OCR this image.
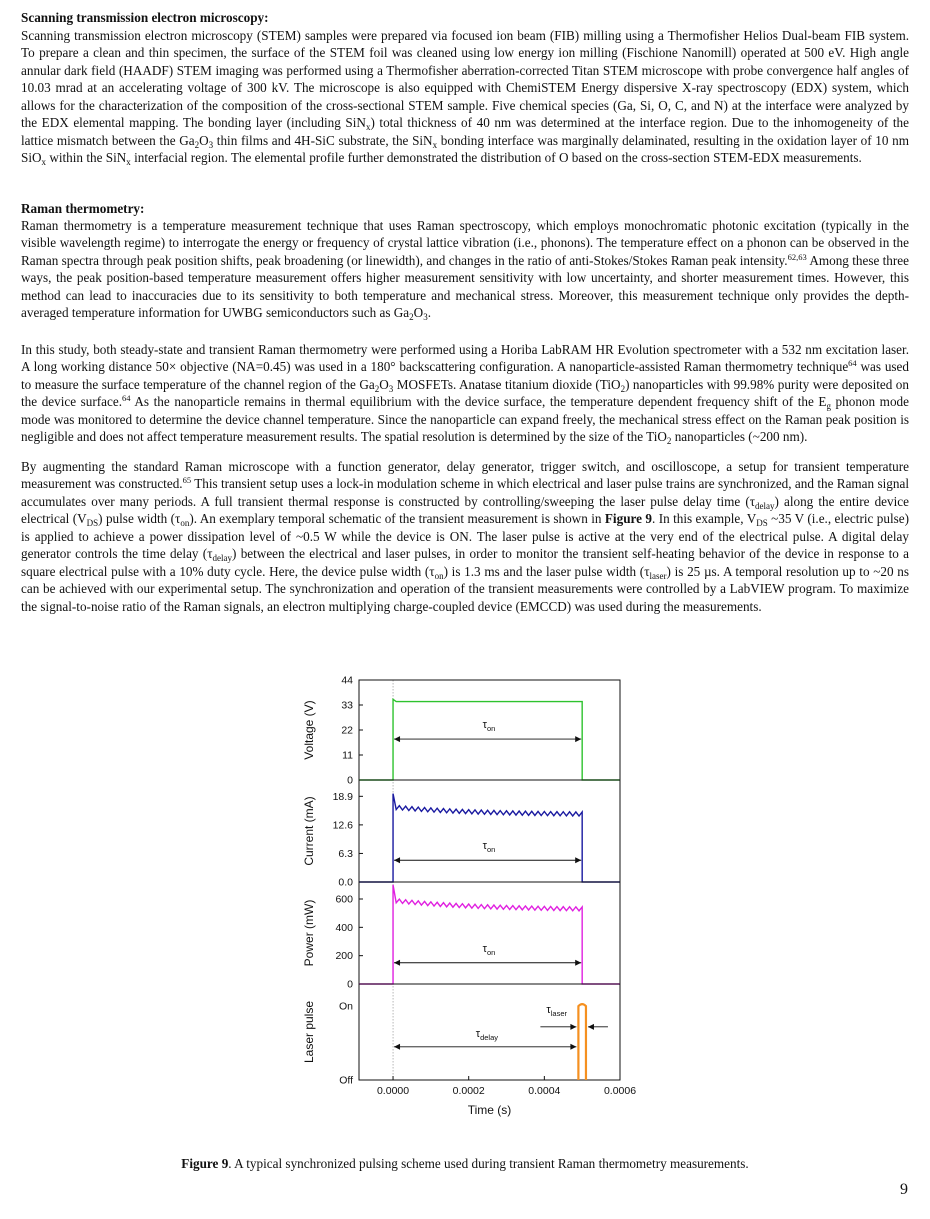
Scanning transmission electron microscopy:

Scanning transmission electron microscopy (STEM) samples were prepared via focused ion beam (FIB) milling using a Thermofisher Helios Dual-beam FIB system. To prepare a clean and thin specimen, the surface of the STEM foil was cleaned using low energy ion milling (Fischione Nanomill) operated at 500 eV. High angle annular dark field (HAADF) STEM imaging was performed using a Thermofisher aberration-corrected Titan STEM microscope with probe convergence half angles of 10.03 mrad at an accelerating voltage of 300 kV. The microscope is also equipped with ChemiSTEM Energy dispersive X-ray spectroscopy (EDX) system, which allows for the characterization of the composition of the cross-sectional STEM sample. Five chemical species (Ga, Si, O, C, and N) at the interface were analyzed by the EDX elemental mapping. The bonding layer (including SiN$_x$) total thickness of 40 nm was determined at the interface region. Due to the inhomogeneity of the lattice mismatch between the $Ga_2O_3$ thin films and 4H-SiC substrate, the SiN$_x$ bonding interface was marginally delaminated, resulting in the oxidation layer of 10 nm SiO$_x$ within the SiN$_x$ interfacial region. The elemental profile further demonstrated the distribution of O based on the cross-section STEM-EDX measurements.

Raman thermometry:

Raman thermometry is a temperature measurement technique that uses Raman spectroscopy, which employs monochromatic photonic excitation (typically in the visible wavelength regime) to interrogate the energy or frequency of crystal lattice vibration (i.e., phonons). The temperature effect on a phonon can be observed in the Raman spectra through peak position shifts, peak broadening (or linewidth), and changes in the ratio of anti-Stokes/Stokes Raman peak intensity.$^{62,63}$ Among these three ways, the peak position-based temperature measurement offers higher measurement sensitivity with low uncertainty, and shorter measurement times. However, this method can lead to inaccuracies due to its sensitivity to both temperature and mechanical stress. Moreover, this measurement technique only provides the depth-averaged temperature information for UWBG semiconductors such as $Ga_2O_3$.

In this study, both steady-state and transient Raman thermometry were performed using a Horiba LabRAM HR Evolution spectrometer with a 532 nm excitation laser. A long working distance 50× objective (NA=0.45) was used in a 180° backscattering configuration. A nanoparticle-assisted Raman thermometry technique$^{64}$ was used to measure the surface temperature of the channel region of the $Ga_2O_3$ MOSFETs. Anatase titanium dioxide (TiO$_2$) nanoparticles with 99.98% purity were deposited on the device surface.$^{64}$ As the nanoparticle remains in thermal equilibrium with the device surface, the temperature dependent frequency shift of the $E_g$ phonon mode mode was monitored to determine the device channel temperature. Since the nanoparticle can expand freely, the mechanical stress effect on the Raman peak position is negligible and does not affect temperature measurement results. The spatial resolution is determined by the size of the TiO$_2$ nanoparticles (~200 nm).

By augmenting the standard Raman microscope with a function generator, delay generator, trigger switch, and oscilloscope, a setup for transient temperature measurement was constructed.$^{65}$ This transient setup uses a lock-in modulation scheme in which electrical and laser pulse trains are synchronized, and the Raman signal accumulates over many periods. A full transient thermal response is constructed by controlling/sweeping the laser pulse delay time $(\tau_{delay})$ along the entire device electrical $(V_{DS})$ pulse width $(\tau_{on})$. An exemplary temporal schematic of the transient measurement is shown in Figure 9. In this example, $V_{DS}$ ~35 V (i.e., electric pulse) is applied to achieve a power dissipation level of ~0.5 W while the device is ON. The laser pulse is active at the very end of the electrical pulse. A digital delay generator controls the time delay $(\tau_{delay})$ between the electrical and laser pulses, in order to monitor the transient self-heating behavior of the device in response to a square electrical pulse with a 10% duty cycle. Here, the device pulse width $(\tau_{on})$ is 1.3 ms and the laser pulse width $(\tau_{laser})$ is 25 µs. A temporal resolution up to ~20 ns can be achieved with our experimental setup. The synchronization and operation of the transient measurements were controlled by a LabVIEW program. To maximize the signal-to-noise ratio of the Raman signals, an electron multiplying charge-coupled device (EMCCD) was used during the measurements.

44
33
22
11
0
Voltage (V)	$\tau_{on}$
18.9
12.6
6.3
0.0
Current (mA)	$\tau_{on}$
600
400
200
0
Power (mW)	$\tau_{on}$
On
Off
Laser pulse	$\tau_{delay}$
$\tau_{laser}$
0.0000	0.0002	0.0004	0.0006
Time (s)
Figure 9. A typical synchronized pulsing scheme used during transient Raman thermometry measurements.
9
